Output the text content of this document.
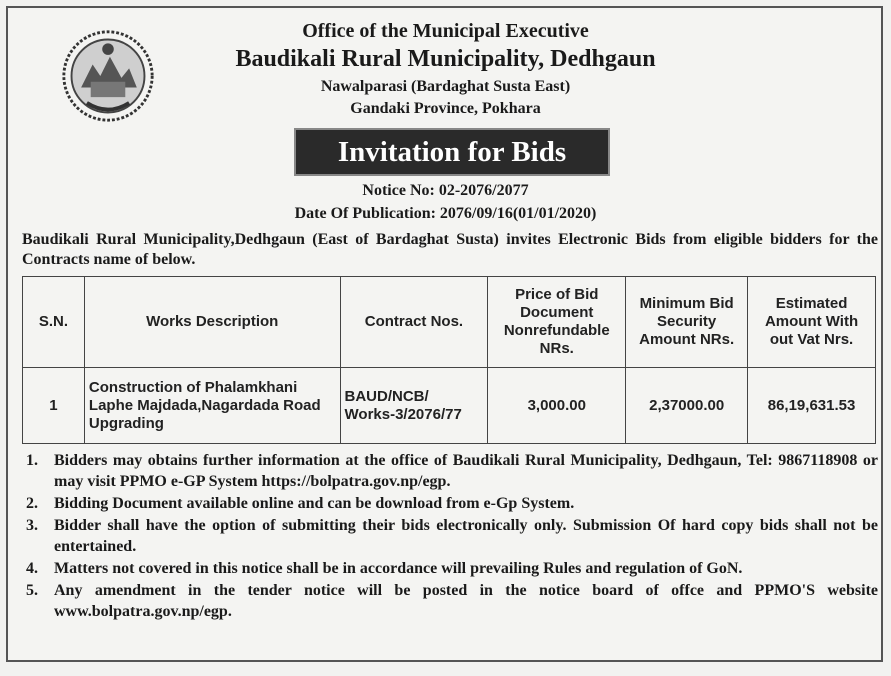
Office of the Municipal Executive
Baudikali Rural Municipality, Dedhgaun
Nawalparasi (Bardaghat Susta East)
Gandaki Province, Pokhara
Invitation for Bids
Notice No: 02-2076/2077
Date Of Publication: 2076/09/16(01/01/2020)
Baudikali Rural Municipality,Dedhgaun (East of Bardaghat Susta) invites Electronic Bids from eligible bidders for the Contracts name of below.
S.N.	Works Description	Contract Nos.	Price of Bid Document Nonrefundable NRs.	Minimum Bid Security Amount NRs.	Estimated Amount With out Vat Nrs.
1	Construction of Phalamkhani Laphe Majdada,Nagardada Road Upgrading	BAUD/NCB/ Works-3/2076/77	3,000.00	2,37000.00	86,19,631.53
1. Bidders may obtains further information at the office of Baudikali Rural Municipality, Dedhgaun, Tel: 9867118908 or may visit PPMO e-GP System https://bolpatra.gov.np/egp.
2. Bidding Document available online and can be download from e-Gp System.
3. Bidder shall have the option of submitting their bids electronically only. Submission Of hard copy bids shall not be entertained.
4. Matters not covered in this notice shall be in accordance will prevailing Rules and regulation of GoN.
5. Any amendment in the tender notice will be posted in the notice board of offce and PPMO'S website www.bolpatra.gov.np/egp.
